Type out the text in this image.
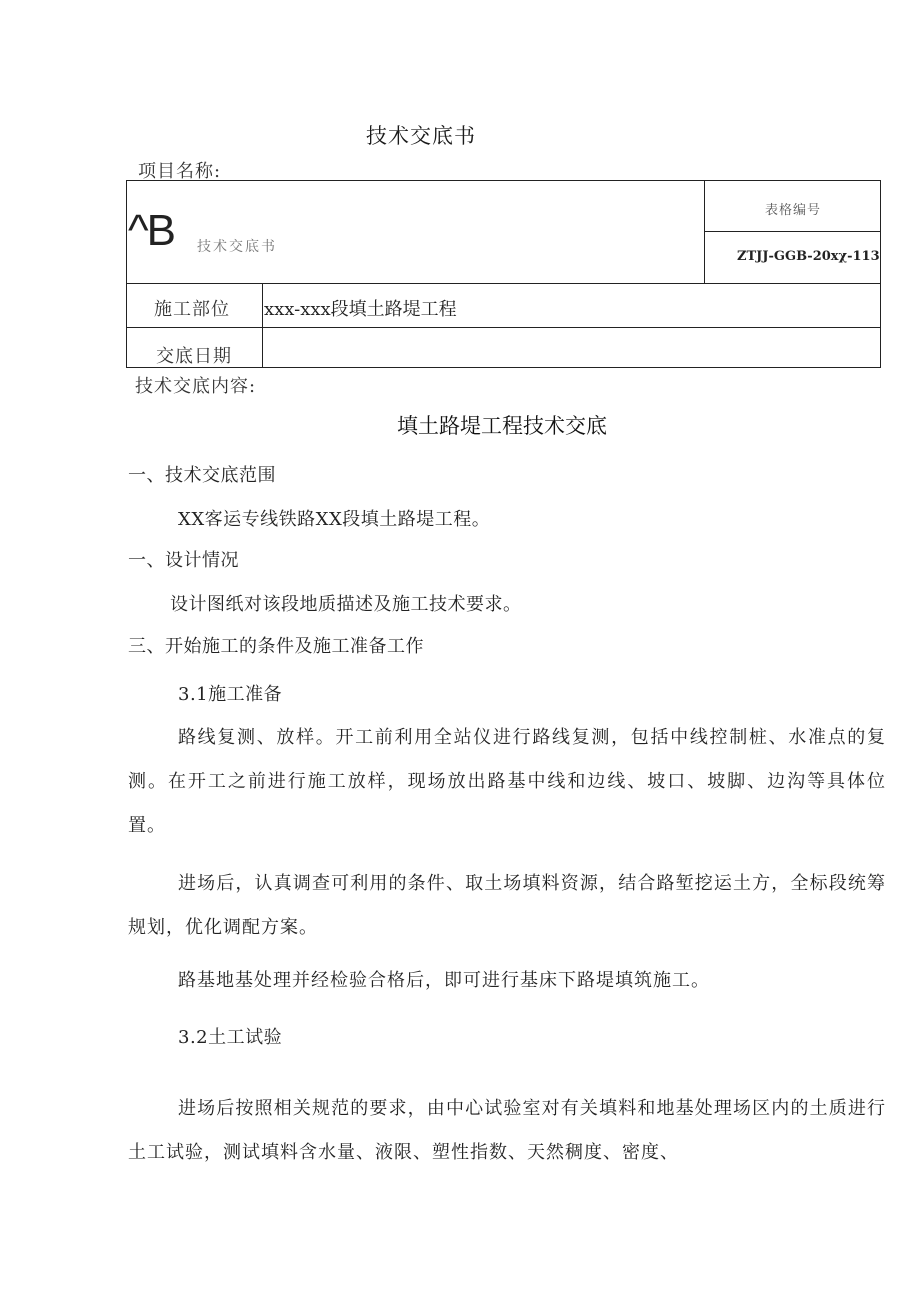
技术交底书
项目名称:
^B 技术交底书
表格编号
ZTJJ-GGB-20xχ-113
施工部位 xxx-xxx段填土路堤工程
交底日期
技术交底内容:
填土路堤工程技术交底
一、技术交底范围
XX客运专线铁路XX段填土路堤工程。
一、设计情况
设计图纸对该段地质描述及施工技术要求。
三、开始施工的条件及施工准备工作
3.1施工准备
路线复测、放样。开工前利用全站仪进行路线复测，包括中线控制桩、水准点的复测。在开工之前进行施工放样，现场放出路基中线和边线、坡口、坡脚、边沟等具体位置。
进场后，认真调查可利用的条件、取土场填料资源，结合路堑挖运土方，全标段统筹规划，优化调配方案。
路基地基处理并经检验合格后，即可进行基床下路堤填筑施工。
3.2土工试验
进场后按照相关规范的要求，由中心试验室对有关填料和地基处理场区内的土质进行土工试验，测试填料含水量、液限、塑性指数、天然稠度、密度、
